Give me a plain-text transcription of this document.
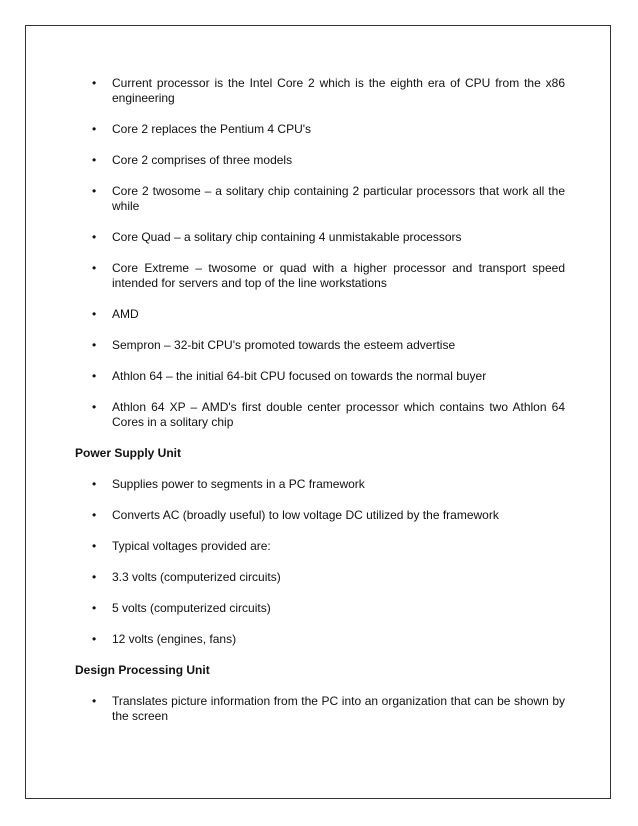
• Current processor is the Intel Core 2 which is the eighth era of CPU from the x86 engineering
• Core 2 replaces the Pentium 4 CPU's
• Core 2 comprises of three models
• Core 2 twosome – a solitary chip containing 2 particular processors that work all the while
• Core Quad – a solitary chip containing 4 unmistakable processors
• Core Extreme – twosome or quad with a higher processor and transport speed intended for servers and top of the line workstations
• AMD
• Sempron – 32-bit CPU's promoted towards the esteem advertise
• Athlon 64 – the initial 64-bit CPU focused on towards the normal buyer
• Athlon 64 XP – AMD's first double center processor which contains two Athlon 64 Cores in a solitary chip
Power Supply Unit
• Supplies power to segments in a PC framework
• Converts AC (broadly useful) to low voltage DC utilized by the framework
• Typical voltages provided are:
• 3.3 volts (computerized circuits)
• 5 volts (computerized circuits)
• 12 volts (engines, fans)
Design Processing Unit
• Translates picture information from the PC into an organization that can be shown by the screen
